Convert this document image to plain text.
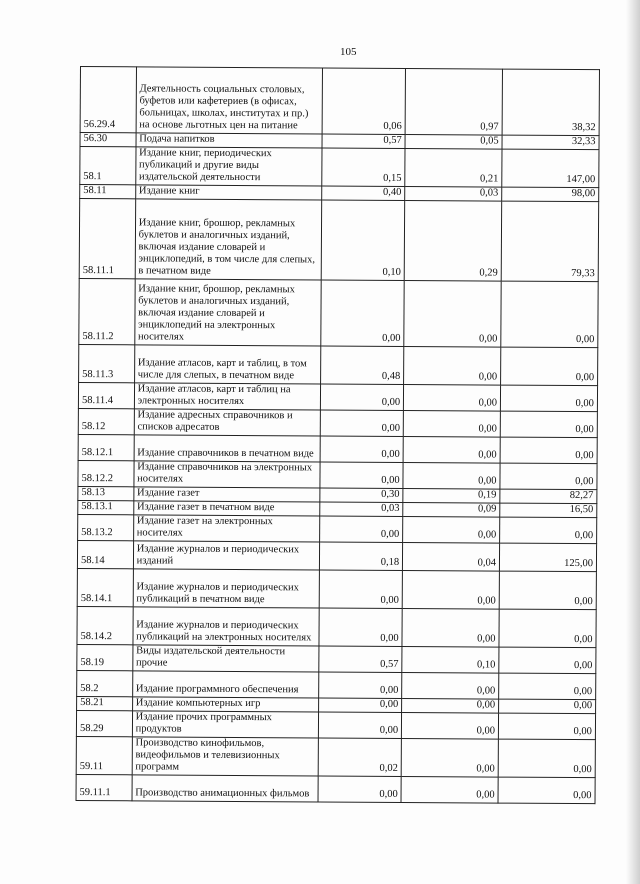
105
56.29.4	Деятельность социальных столовых, буфетов или кафетериев (в офисах, больницах, школах, институтах и пр.) на основе льготных цен на питание	0,06	0,97	38,32
56.30	Подача напитков	0,57	0,05	32,33
58.1	Издание книг, периодических публикаций и другие виды издательской деятельности	0,15	0,21	147,00
58.11	Издание книг	0,40	0,03	98,00
58.11.1	Издание книг, брошюр, рекламных буклетов и аналогичных изданий, включая издание словарей и энциклопедий, в том числе для слепых, в печатном виде	0,10	0,29	79,33
58.11.2	Издание книг, брошюр, рекламных буклетов и аналогичных изданий, включая издание словарей и энциклопедий на электронных носителях	0,00	0,00	0,00
58.11.3	Издание атласов, карт и таблиц, в том числе для слепых, в печатном виде	0,48	0,00	0,00
58.11.4	Издание атласов, карт и таблиц на электронных носителях	0,00	0,00	0,00
58.12	Издание адресных справочников и списков адресатов	0,00	0,00	0,00
58.12.1	Издание справочников в печатном виде	0,00	0,00	0,00
58.12.2	Издание справочников на электронных носителях	0,00	0,00	0,00
58.13	Издание газет	0,30	0,19	82,27
58.13.1	Издание газет в печатном виде	0,03	0,09	16,50
58.13.2	Издание газет на электронных носителях	0,00	0,00	0,00
58.14	Издание журналов и периодических изданий	0,18	0,04	125,00
58.14.1	Издание журналов и периодических публикаций в печатном виде	0,00	0,00	0,00
58.14.2	Издание журналов и периодических публикаций на электронных носителях	0,00	0,00	0,00
58.19	Виды издательской деятельности прочие	0,57	0,10	0,00
58.2	Издание программного обеспечения	0,00	0,00	0,00
58.21	Издание компьютерных игр	0,00	0,00	0,00
58.29	Издание прочих программных продуктов	0,00	0,00	0,00
59.11	Производство кинофильмов, видеофильмов и телевизионных программ	0,02	0,00	0,00
59.11.1	Производство анимационных фильмов	0,00	0,00	0,00
